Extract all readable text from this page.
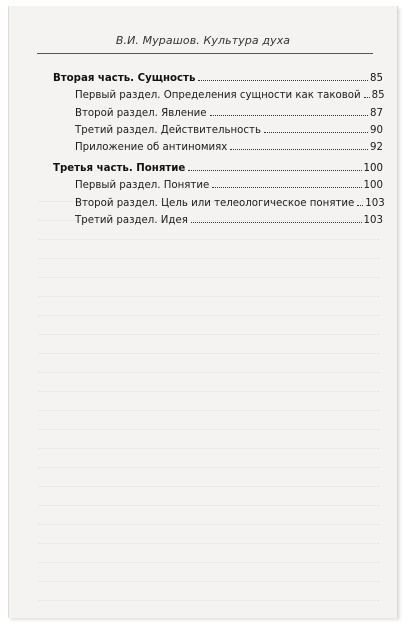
В.И. Мурашов. Культура духа
Вторая часть. Сущность	85
Первый раздел. Определения сущности как таковой 85
Второй раздел. Явление	87
Третий раздел. Действительность	90
Приложение об антиномиях	92
Третья часть. Понятие	100
Первый раздел. Понятие	100
Второй раздел. Цель или телеологическое понятие 103
Третий раздел. Идея	103
